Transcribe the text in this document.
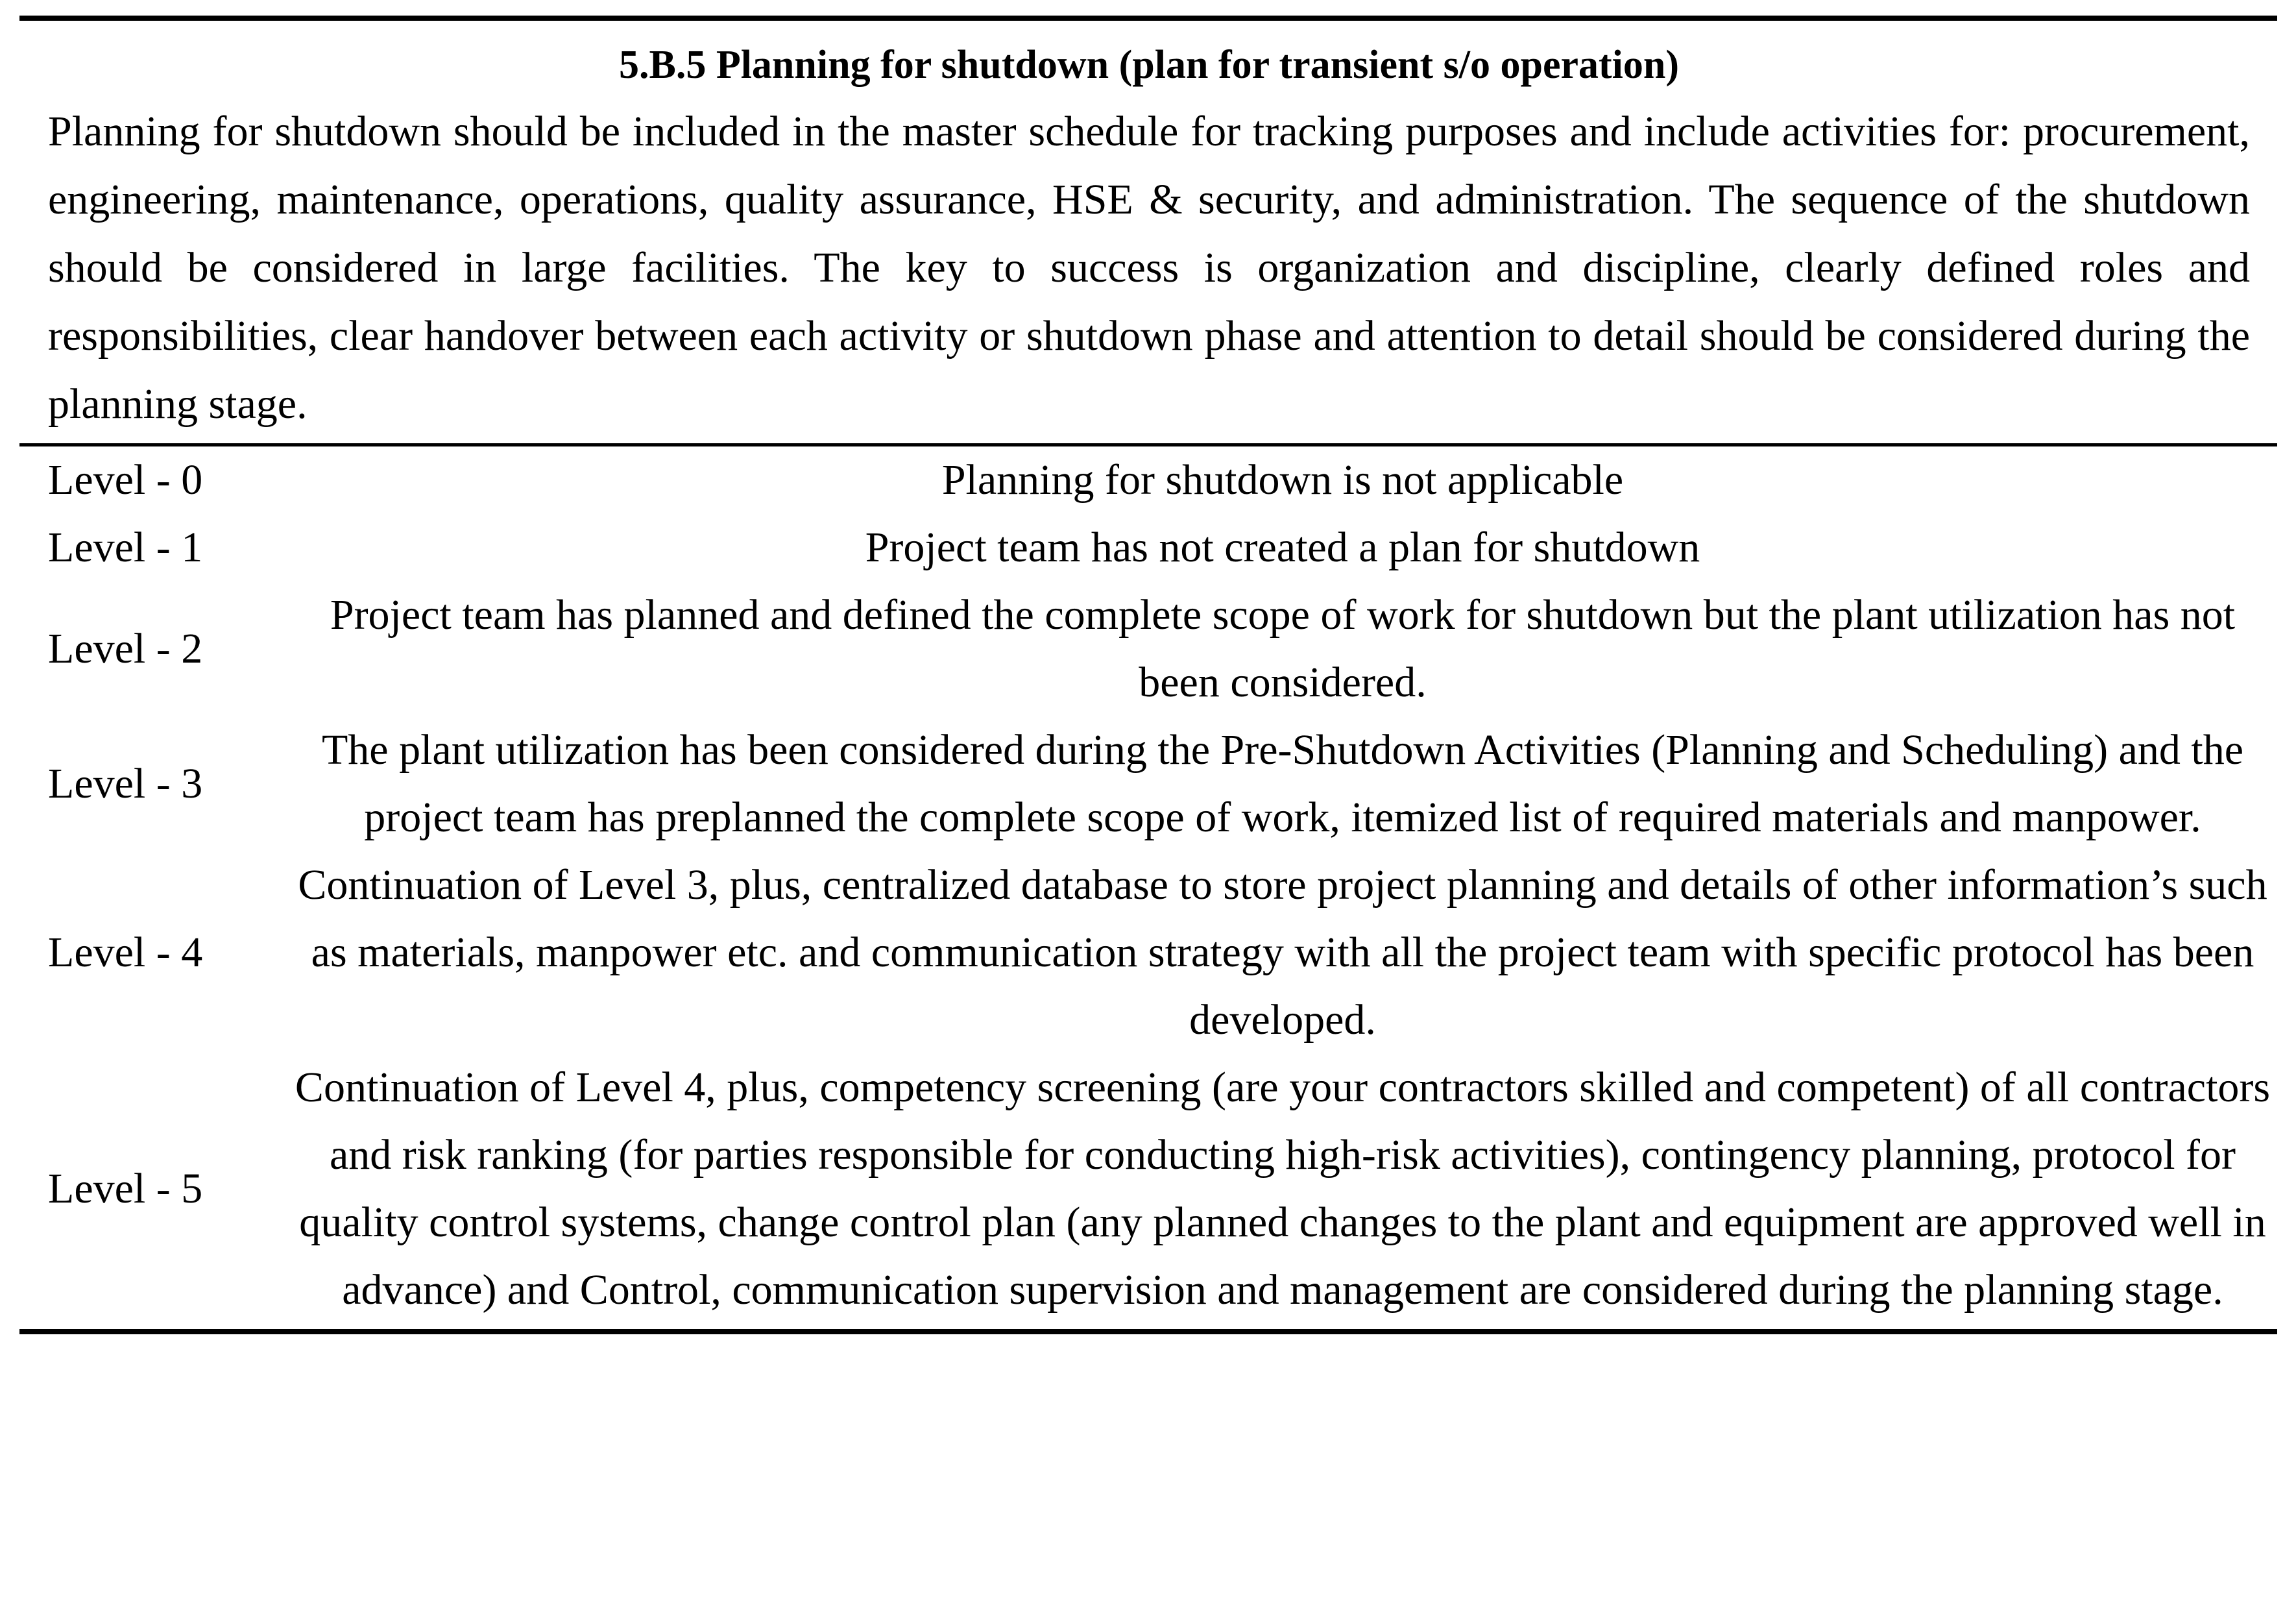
5.B.5 Planning for shutdown (plan for transient s/o operation)

Planning for shutdown should be included in the master schedule for tracking purposes and include activities for: procurement, engineering, maintenance, operations, quality assurance, HSE & security, and administration. The sequence of the shutdown should be considered in large facilities. The key to success is organization and discipline, clearly defined roles and responsibilities, clear handover between each activity or shutdown phase and attention to detail should be considered during the planning stage.

Level - 0	Planning for shutdown is not applicable
Level - 1	Project team has not created a plan for shutdown
Level - 2
Project team has planned and defined the complete scope of work for shutdown but the plant utilization has not been considered.
Level - 3
The plant utilization has been considered during the Pre-Shutdown Activities (Planning and Scheduling) and the project team has preplanned the complete scope of work, itemized list of required materials and manpower.
Level - 4
Continuation of Level 3, plus, centralized database to store project planning and details of other information’s such as materials, manpower etc. and communication strategy with all the project team with specific protocol has been developed.
Level - 5
Continuation of Level 4, plus, competency screening (are your contractors skilled and competent) of all contractors and risk ranking (for parties responsible for conducting high-risk activities), contingency planning, protocol for quality control systems, change control plan (any planned changes to the plant and equipment are approved well in advance) and Control, communication supervision and management are considered during the planning stage.
